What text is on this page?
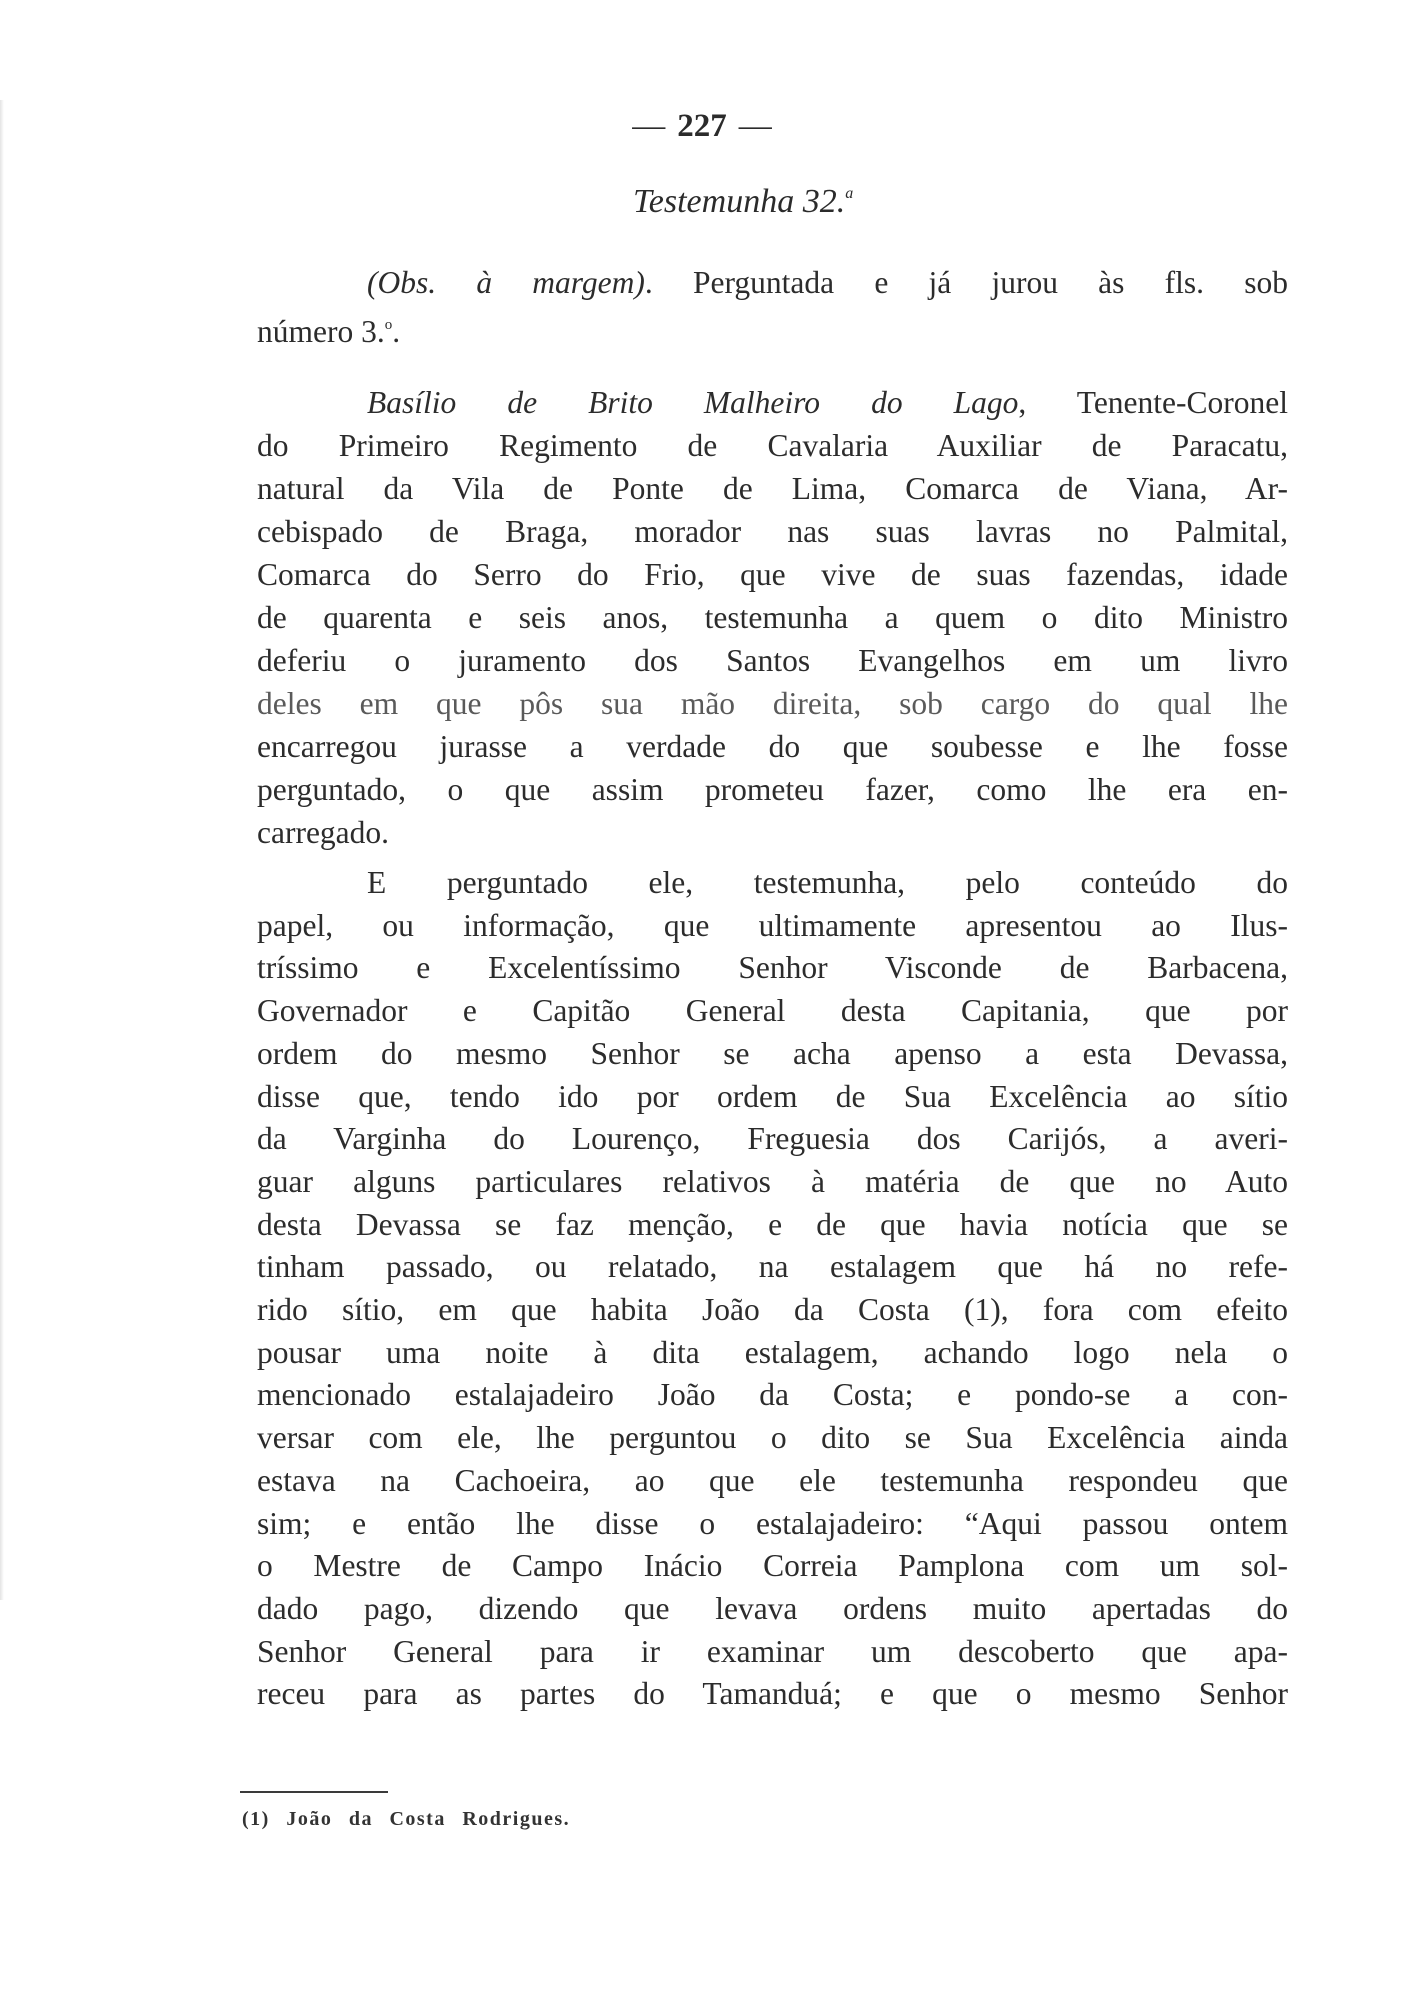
— 227 —
Testemunha 32.$^a$
(Obs. à margem). Perguntada e já jurou às fls. sob
número 3.$^o$.
Basílio de Brito Malheiro do Lago, Tenente-Coronel
do Primeiro Regimento de Cavalaria Auxiliar de Paracatu,
natural da Vila de Ponte de Lima, Comarca de Viana, Ar-
cebispado de Braga, morador nas suas lavras no Palmital,
Comarca do Serro do Frio, que vive de suas fazendas, idade
de quarenta e seis anos, testemunha a quem o dito Ministro
deferiu o juramento dos Santos Evangelhos em um livro
deles em que pôs sua mão direita, sob cargo do qual lhe
encarregou jurasse a verdade do que soubesse e lhe fosse
perguntado, o que assim prometeu fazer, como lhe era en-
carregado.
E perguntado ele, testemunha, pelo conteúdo do
papel, ou informação, que ultimamente apresentou ao Ilus-
tríssimo e Excelentíssimo Senhor Visconde de Barbacena,
Governador e Capitão General desta Capitania, que por
ordem do mesmo Senhor se acha apenso a esta Devassa,
disse que, tendo ido por ordem de Sua Excelência ao sítio
da Varginha do Lourenço, Freguesia dos Carijós, a averi-
guar alguns particulares relativos à matéria de que no Auto
desta Devassa se faz menção, e de que havia notícia que se
tinham passado, ou relatado, na estalagem que há no refe-
rido sítio, em que habita João da Costa (1), fora com efeito
pousar uma noite à dita estalagem, achando logo nela o
mencionado estalajadeiro João da Costa; e pondo-se a con-
versar com ele, lhe perguntou o dito se Sua Excelência ainda
estava na Cachoeira, ao que ele testemunha respondeu que
sim; e então lhe disse o estalajadeiro: “Aqui passou ontem
o Mestre de Campo Inácio Correia Pamplona com um sol-
dado pago, dizendo que levava ordens muito apertadas do
Senhor General para ir examinar um descoberto que apa-
receu para as partes do Tamanduá; e que o mesmo Senhor
(1) João da Costa Rodrigues.
